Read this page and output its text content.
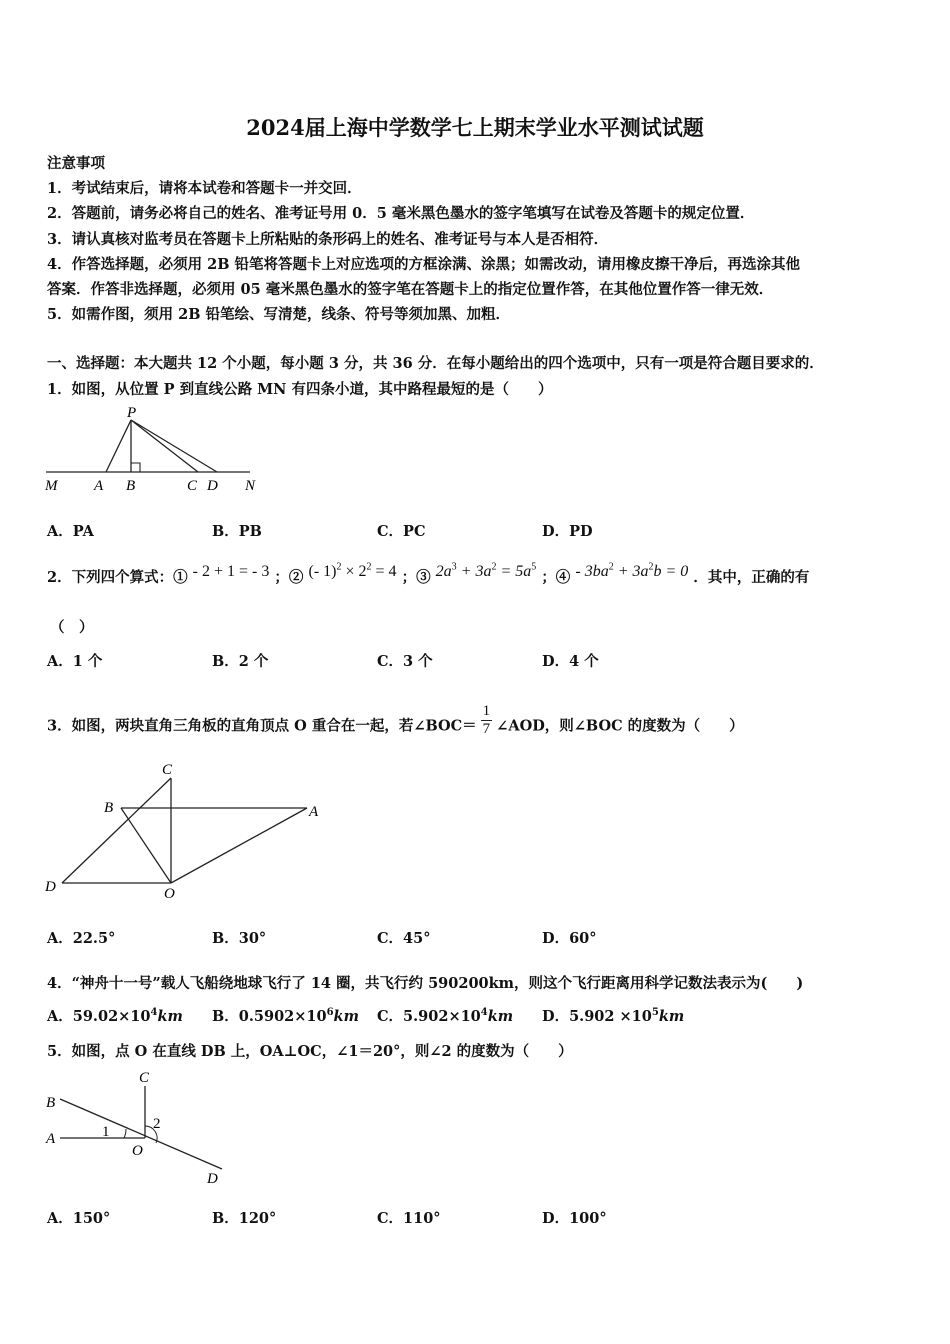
2024届上海中学数学七上期末学业水平测试试题
注意事项
1．考试结束后，请将本试卷和答题卡一并交回．
2．答题前，请务必将自己的姓名、准考证号用 0．5 毫米黑色墨水的签字笔填写在试卷及答题卡的规定位置．
3．请认真核对监考员在答题卡上所粘贴的条形码上的姓名、准考证号与本人是否相符．
4．作答选择题，必须用 2B 铅笔将答题卡上对应选项的方框涂满、涂黑；如需改动，请用橡皮擦干净后，再选涂其他
答案．作答非选择题，必须用 05 毫米黑色墨水的签字笔在答题卡上的指定位置作答，在其他位置作答一律无效．
5．如需作图，须用 2B 铅笔绘、写清楚，线条、符号等须加黑、加粗．
一、选择题：本大题共 12 个小题，每小题 3 分，共 36 分．在每小题给出的四个选项中，只有一项是符合题目要求的．
1．如图，从位置 P 到直线公路 MN 有四条小道，其中路程最短的是（　　）
P
M A B	C D N
A．PA	B．PB	C．PC	D．PD
2．下列四个算式：① - 2 + 1 = - 3 ；② (- $1)^2 \times 2^2 = 4$ ；③ $2a^3 + 3a^2 = 5a^5$ ；④ - $3ba^2 + 3a^2b = 0$ ．其中，正确的有
（　）
A．1 个	B．2 个	C．3 个	D．4 个
3．如图，两块直角三角板的直角顶点 O 重合在一起，若∠BOC＝ $\frac{1}{7}$ ∠AOD，则∠BOC 的度数为（　　）
C
B	A
D	O
A．22.5°	B．30°	C．45°	D．60°
4．“神舟十一号”载人飞船绕地球飞行了 14 圈，共飞行约 590200km，则这个飞行距离用科学记数法表示为(　　)
A．$59.02\times 10^4km$ B．$0.5902\times 10^6km$ C．$5.902\times 10^4km$ D．$5.902 \times 10^5km$
5．如图，点 O 在直线 DB 上，OA⊥OC，∠1＝20°，则∠2 的度数为（　　）
C
B
A
O
D
1	2
A．150°	B．120°	C．110°	D．100°
